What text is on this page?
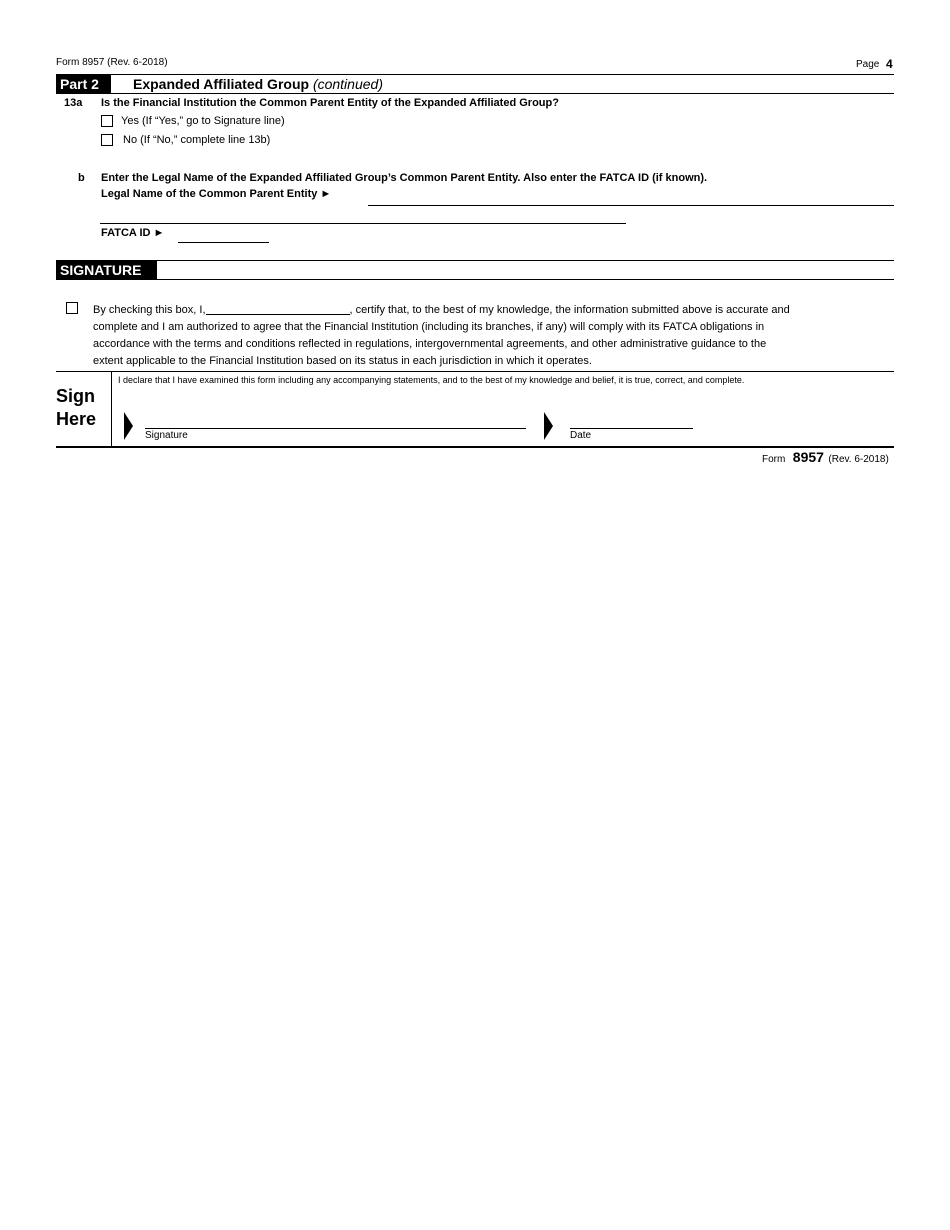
Form 8957 (Rev. 6-2018)	Page 4
Part 2	Expanded Affiliated Group (continued)
13a Is the Financial Institution the Common Parent Entity of the Expanded Affiliated Group?
Yes (If “Yes,” go to Signature line)
No (If “No,” complete line 13b)
b Enter the Legal Name of the Expanded Affiliated Group’s Common Parent Entity. Also enter the FATCA ID (if known).
Legal Name of the Common Parent Entity ►
FATCA ID ►
SIGNATURE

By checking this box, I,	, certify that, to the best of my knowledge, the information submitted above is accurate and

complete and I am authorized to agree that the Financial Institution (including its branches, if any) will comply with its FATCA obligations in

accordance with the terms and conditions reflected in regulations, intergovernmental agreements, and other administrative guidance to the

extent applicable to the Financial Institution based on its status in each jurisdiction in which it operates.

Sign
Here
I declare that I have examined this form including any accompanying statements, and to the best of my knowledge and belief, it is true, correct, and complete.
Signature	Date
Form 8957 (Rev. 6-2018)
